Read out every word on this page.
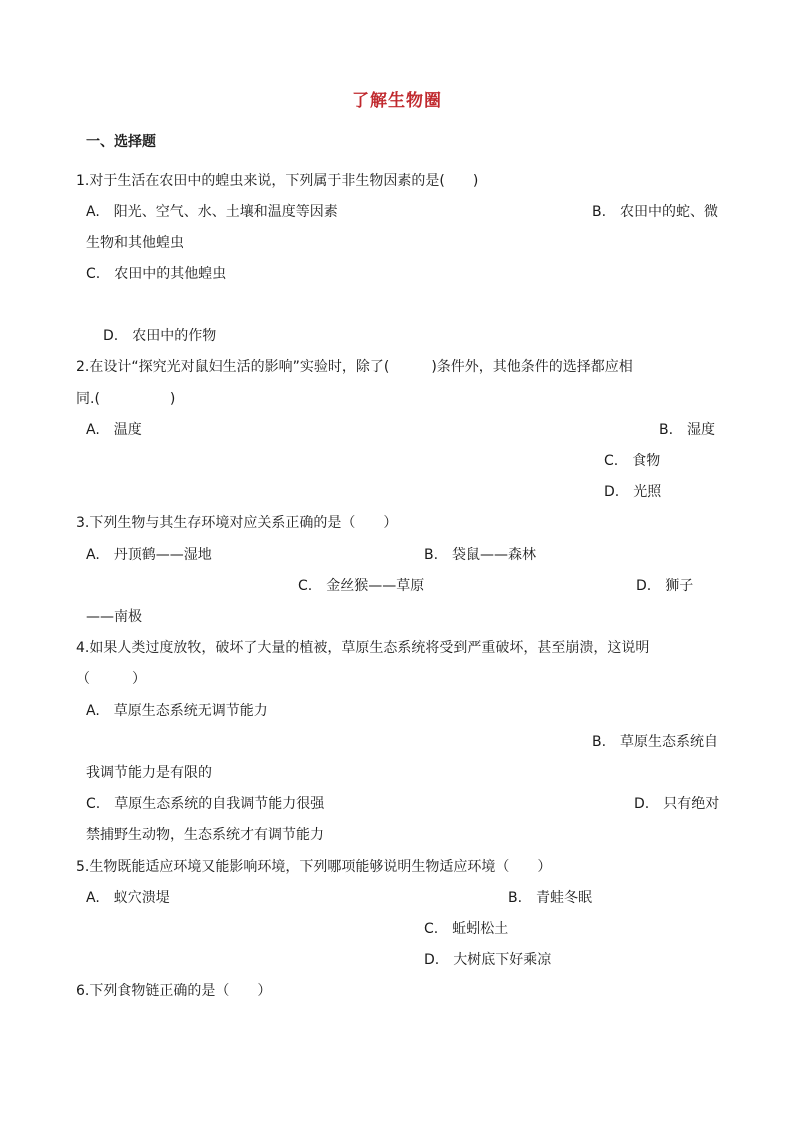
了解生物圈
一、选择题
1.对于生活在农田中的蝗虫来说，下列属于非生物因素的是(　　)
A.　阳光、空气、水、土壤和温度等因素	B.　农田中的蛇、微
生物和其他蝗虫
C.　农田中的其他蝗虫
D.　农田中的作物
2.在设计“探究光对鼠妇生活的影响”实验时，除了(　　　)条件外，其他条件的选择都应相
同.(　　　　　)
A.　温度	B.　湿度
C.　食物
D.　光照
3.下列生物与其生存环境对应关系正确的是（　　）
A.　丹顶鹤——湿地	B.　袋鼠——森林
C.　金丝猴——草原	D.　狮子
——南极
4.如果人类过度放牧，破坏了大量的植被，草原生态系统将受到严重破坏，甚至崩溃，这说明
（　　　）
A.　草原生态系统无调节能力
B.　草原生态系统自
我调节能力是有限的
C.　草原生态系统的自我调节能力很强	D.　只有绝对
禁捕野生动物，生态系统才有调节能力
5.生物既能适应环境又能影响环境，下列哪项能够说明生物适应环境（　　）
A.　蚁穴溃堤	B.　青蛙冬眠
C.　蚯蚓松土
D.　大树底下好乘凉
6.下列食物链正确的是（　　）
